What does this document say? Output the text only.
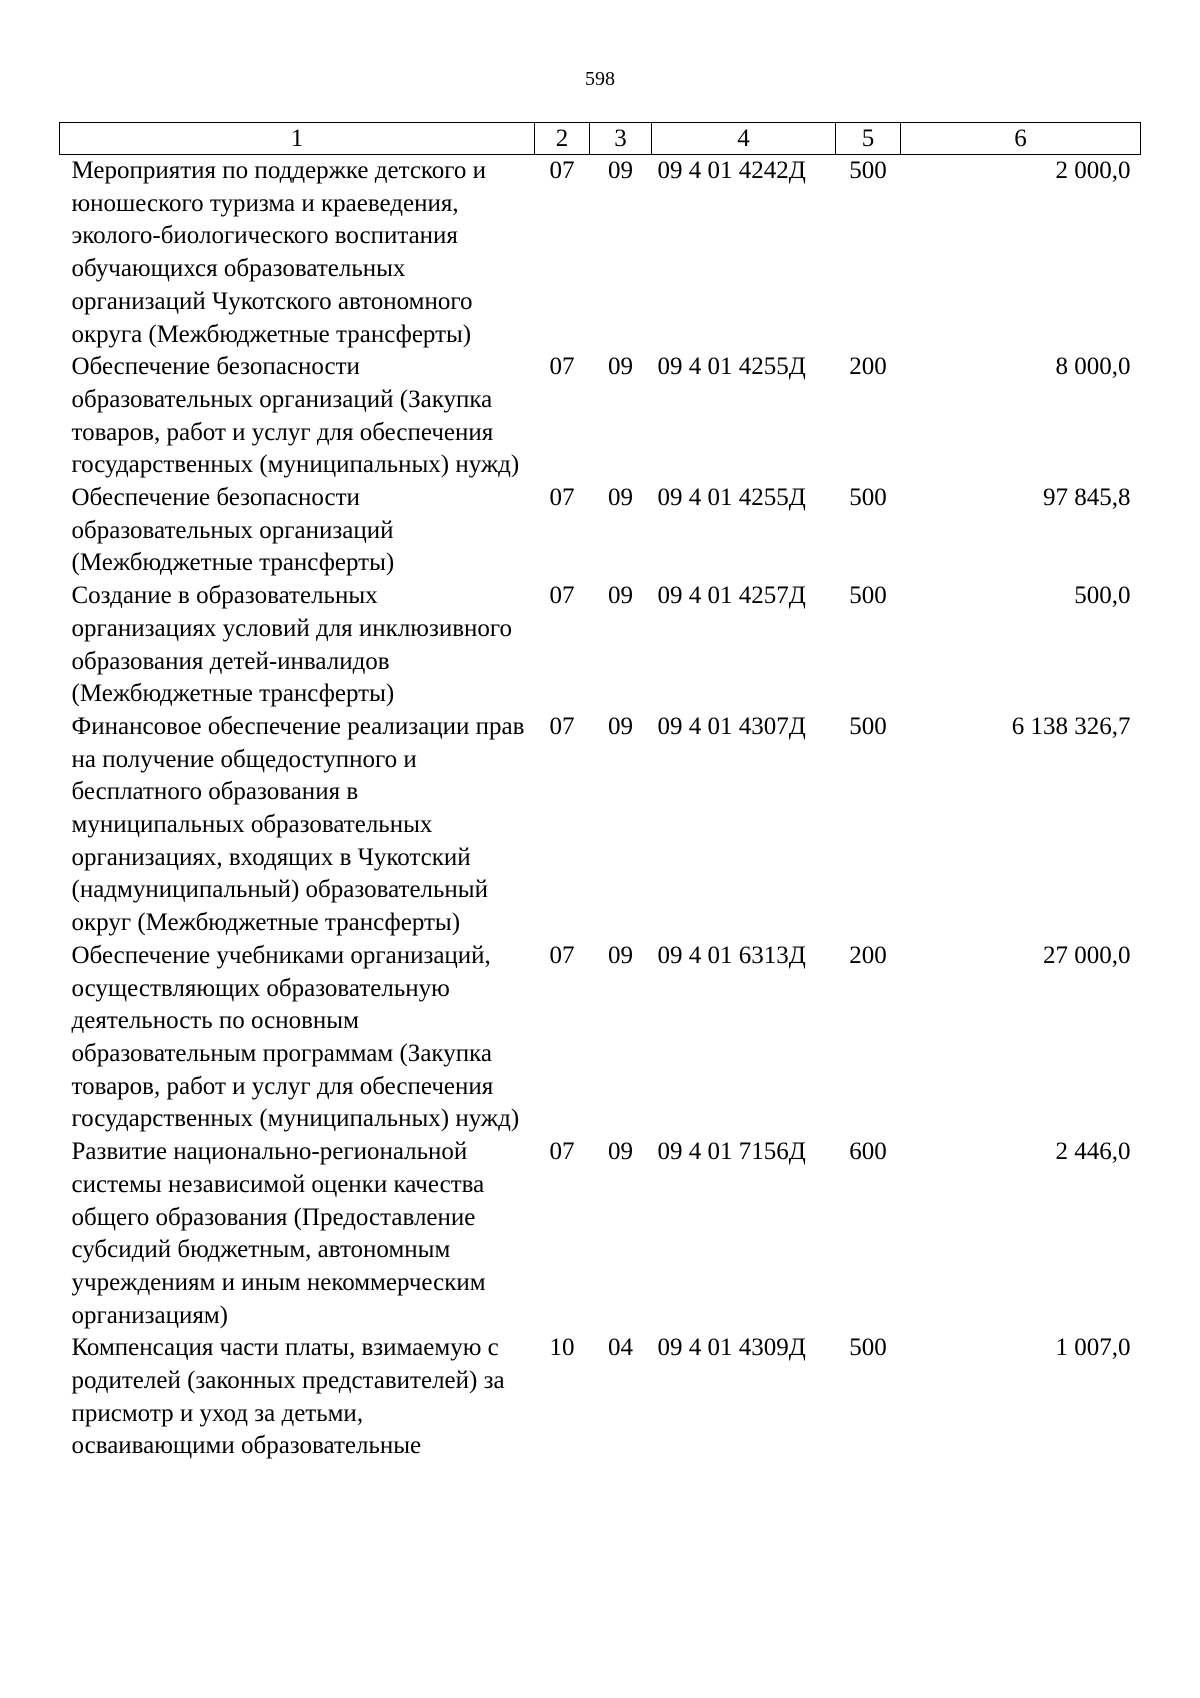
598
1	2	3	4	5	6
Мероприятия по поддержке детского и юношеского туризма и краеведения, эколого-биологического воспитания обучающихся образовательных организаций Чукотского автономного округа (Межбюджетные трансферты)	07	09	09 4 01 4242Д	500	2 000,0
Обеспечение безопасности образовательных организаций (Закупка товаров, работ и услуг для обеспечения государственных (муниципальных) нужд)	07	09	09 4 01 4255Д	200	8 000,0
Обеспечение безопасности образовательных организаций (Межбюджетные трансферты)	07	09	09 4 01 4255Д	500	97 845,8
Создание в образовательных организациях условий для инклюзивного образования детей-инвалидов (Межбюджетные трансферты)	07	09	09 4 01 4257Д	500	500,0
Финансовое обеспечение реализации прав на получение общедоступного и бесплатного образования в муниципальных образовательных организациях, входящих в Чукотский (надмуниципальный) образовательный округ (Межбюджетные трансферты)	07	09	09 4 01 4307Д	500	6 138 326,7
Обеспечение учебниками организаций, осуществляющих образовательную деятельность по основным образовательным программам (Закупка товаров, работ и услуг для обеспечения государственных (муниципальных) нужд)	07	09	09 4 01 6313Д	200	27 000,0
Развитие национально-региональной системы независимой оценки качества общего образования (Предоставление субсидий бюджетным, автономным учреждениям и иным некоммерческим организациям)	07	09	09 4 01 7156Д	600	2 446,0
Компенсация части платы, взимаемую с родителей (законных представителей) за присмотр и уход за детьми, осваивающими образовательные	10	04	09 4 01 4309Д	500	1 007,0
